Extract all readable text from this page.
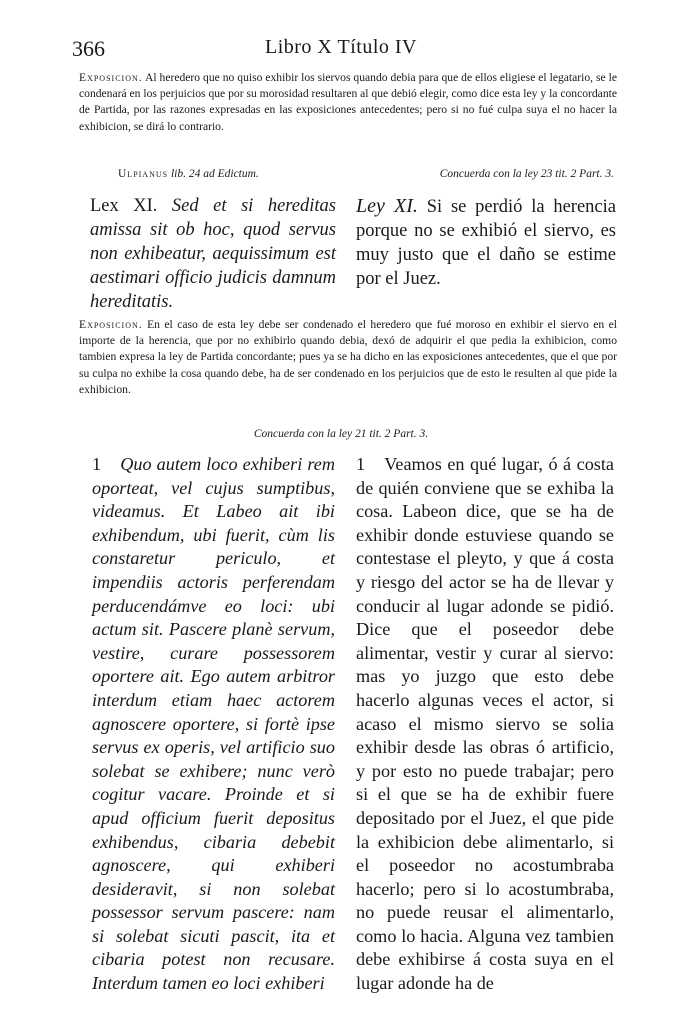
366	Libro X Título IV
Exposicion. Al heredero que no quiso exhibir los siervos quando debia para que de ellos eligiese el legatario, se le condenará en los perjuicios que por su morosidad resultaren al que debió elegir, como dice esta ley y la concordante de Partida, por las razones expresadas en las exposiciones antecedentes; pero si no fué culpa suya el no hacer la exhibicion, se dirá lo contrario.
Ulpianus lib. 24 ad Edictum.	Concuerda con la ley 23 tit. 2 Part. 3.
Lex XI. Sed et si hereditas amissa sit ob hoc, quod servus non exhibeatur, aequissimum est aestimari officio judicis damnum hereditatis.
Ley XI. Si se perdió la herencia porque no se exhibió el siervo, es muy justo que el daño se estime por el Juez.
Exposicion. En el caso de esta ley debe ser condenado el heredero que fué moroso en exhibir el siervo en el importe de la herencia, que por no exhibirlo quando debia, dexó de adquirir el que pedia la exhibicion, como tambien expresa la ley de Partida concordante; pues ya se ha dicho en las exposiciones antecedentes, que el que por su culpa no exhibe la cosa quando debe, ha de ser condenado en los perjuicios que de esto le resulten al que pide la exhibicion.
Concuerda con la ley 21 tit. 2 Part. 3.
1 Quo autem loco exhiberi rem oporteat, vel cujus sumptibus, videamus. Et Labeo ait ibi exhibendum, ubi fuerit, cùm lis constaretur periculo, et impendiis actoris perferendam perducendámve eo loci: ubi actum sit. Pascere planè servum, vestire, curare possessorem oportere ait. Ego autem arbitror interdum etiam haec actorem agnoscere oportere, si fortè ipse servus ex operis, vel artificio suo solebat se exhibere; nunc verò cogitur vacare. Proinde et si apud officium fuerit depositus exhibendus, cibaria debebit agnoscere, qui exhiberi desideravit, si non solebat possessor servum pascere: nam si solebat sicuti pascit, ita et cibaria potest non recusare. Interdum tamen eo loci exhiberi
1 Veamos en qué lugar, ó á costa de quién conviene que se exhiba la cosa. Labeon dice, que se ha de exhibir donde estuviese quando se contestase el pleyto, y que á costa y riesgo del actor se ha de llevar y conducir al lugar adonde se pidió. Dice que el poseedor debe alimentar, vestir y curar al siervo: mas yo juzgo que esto debe hacerlo algunas veces el actor, si acaso el mismo siervo se solia exhibir desde las obras ó artificio, y por esto no puede trabajar; pero si el que se ha de exhibir fuere depositado por el Juez, el que pide la exhibicion debe alimentarlo, si el poseedor no acostumbraba hacerlo; pero si lo acostumbraba, no puede reusar el alimentarlo, como lo hacia. Alguna vez tambien debe exhibirse á costa suya en el lugar adonde ha de
